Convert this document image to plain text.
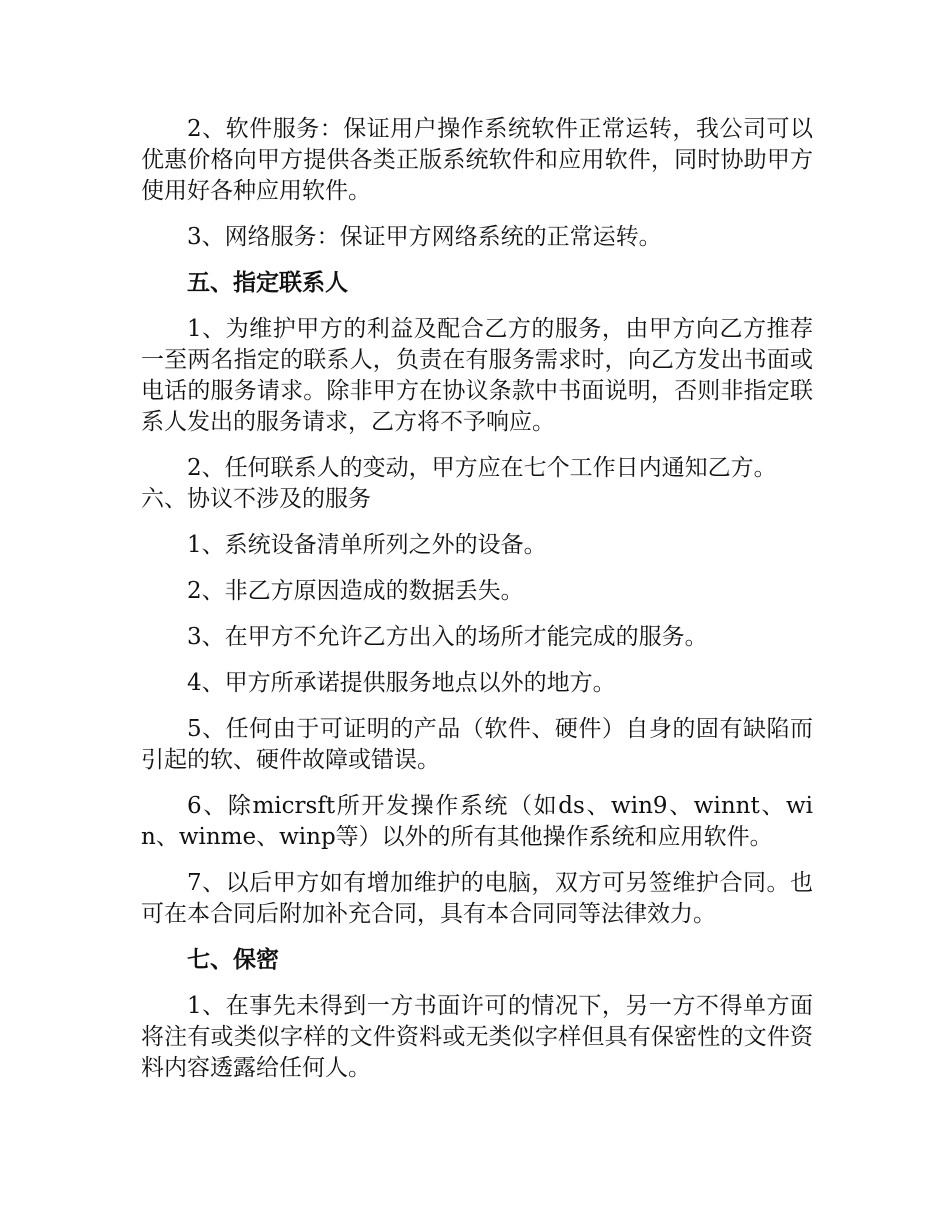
2、软件服务：保证用户操作系统软件正常运转，我公司可以优惠价格向甲方提供各类正版系统软件和应用软件，同时协助甲方使用好各种应用软件。

3、网络服务：保证甲方网络系统的正常运转。

五、指定联系人

1、为维护甲方的利益及配合乙方的服务，由甲方向乙方推荐一至两名指定的联系人，负责在有服务需求时，向乙方发出书面或电话的服务请求。除非甲方在协议条款中书面说明，否则非指定联系人发出的服务请求，乙方将不予响应。

2、任何联系人的变动，甲方应在七个工作日内通知乙方。

六、协议不涉及的服务

1、系统设备清单所列之外的设备。

2、非乙方原因造成的数据丢失。

3、在甲方不允许乙方出入的场所才能完成的服务。

4、甲方所承诺提供服务地点以外的地方。

5、任何由于可证明的产品（软件、硬件）自身的固有缺陷而引起的软、硬件故障或错误。

6、除micrsft所开发操作系统（如ds、win9、winnt、win、winme、winp等）以外的所有其他操作系统和应用软件。

7、以后甲方如有增加维护的电脑，双方可另签维护合同。也可在本合同后附加补充合同，具有本合同同等法律效力。

七、保密

1、在事先未得到一方书面许可的情况下，另一方不得单方面将注有或类似字样的文件资料或无类似字样但具有保密性的文件资料内容透露给任何人。
